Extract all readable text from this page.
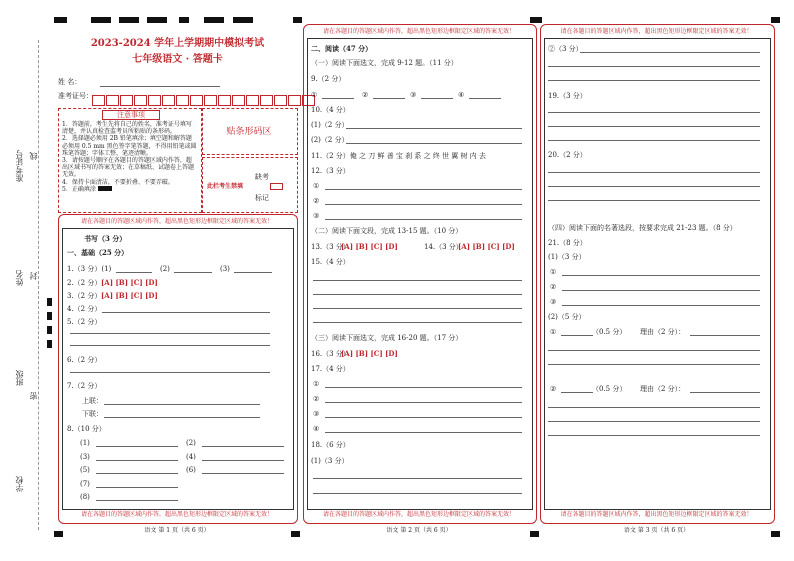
准考证号 线
姓名 封
班级
密
学校
2023-2024 学年上学期期中模拟考试
七年级语文 · 答题卡
姓 名：
准考证号：
注意事项
1．答题前，考生先将自己的姓名，准考证号填写清楚，并认真检查监考员所粘贴的条形码。
2．选择题必须用 2B 铅笔填涂；填空题和解答题必须用 0.5 mm 黑色签字笔答题，不得用铅笔或圆珠笔答题；字体工整、笔迹清晰。
3．请按题号顺序在各题目的答题区域内作答，超出区域书写的答案无效；在草稿纸、试题卷上答题无效。
4．保持卡面清洁，不要折叠、不要弄破。
5．正确填涂
贴条形码区
缺考
此栏考生禁填
标记
请在各题目的答题区域内作答，超出黑色矩形边框限定区域的答案无效！
书写（3 分）
一、基础（25 分）
1.（3 分）(1)	(2)	(3)
2.（2 分） [A] [B] [C] [D]
3.（2 分） [A] [B] [C] [D]
4.（2 分）
5.（2 分）
6.（2 分）
7.（2 分）
上联：
下联：
8.（10 分）
(1)	(2)
(3)	(4)
(5)	(6)
(7)
(8)
请在各题目的答题区域内作答，超出黑色矩形边框限定区域的答案无效！
语文 第 1 页（共 6 页）
请在各题目的答题区域内作答，超出黑色矩形边框限定区域的答案无效！
二、阅读（47 分）
（一）阅读下面选文，完成 9-12 题。（11 分）
9.（2 分）
①	②	③	④
10.（4 分）
(1)（2 分）
(2)（2 分）
11.（2 分）俺 之 刀 鲜 善 宝 刹 系 之 终 世 翼 树 内 去
12.（3 分）
①
②
③
（二）阅读下面文段，完成 13-15 题。（10 分）
13.（3 分）
[A] [B] [C] [D]	14.（3 分）
[A] [B] [C] [D]
15.（4 分）
（三）阅读下面选文，完成 16-20 题。（17 分）
16.（3 分）
[A] [B] [C] [D]
17.（4 分）
①
②
③
④
18.（6 分）
(1)（3 分）
请在各题目的答题区域内作答，超出黑色矩形边框限定区域的答案无效！
语文 第 2 页（共 6 页）
请在各题目的答题区域内作答，超出黑色矩形边框限定区域的答案无效！
②（3 分）
19.（3 分）
20.（2 分）
（四）阅读下面的名著选段，按要求完成 21-23 题。（8 分）
21.（8 分）
(1)（3 分）
①
②
③
(2)（5 分）
①	（0.5 分） 理由（2 分）：
②	（0.5 分） 理由（2 分）：
请在各题目的答题区域内作答，超出黑色矩形边框限定区域的答案无效！
语文 第 3 页（共 6 页）
